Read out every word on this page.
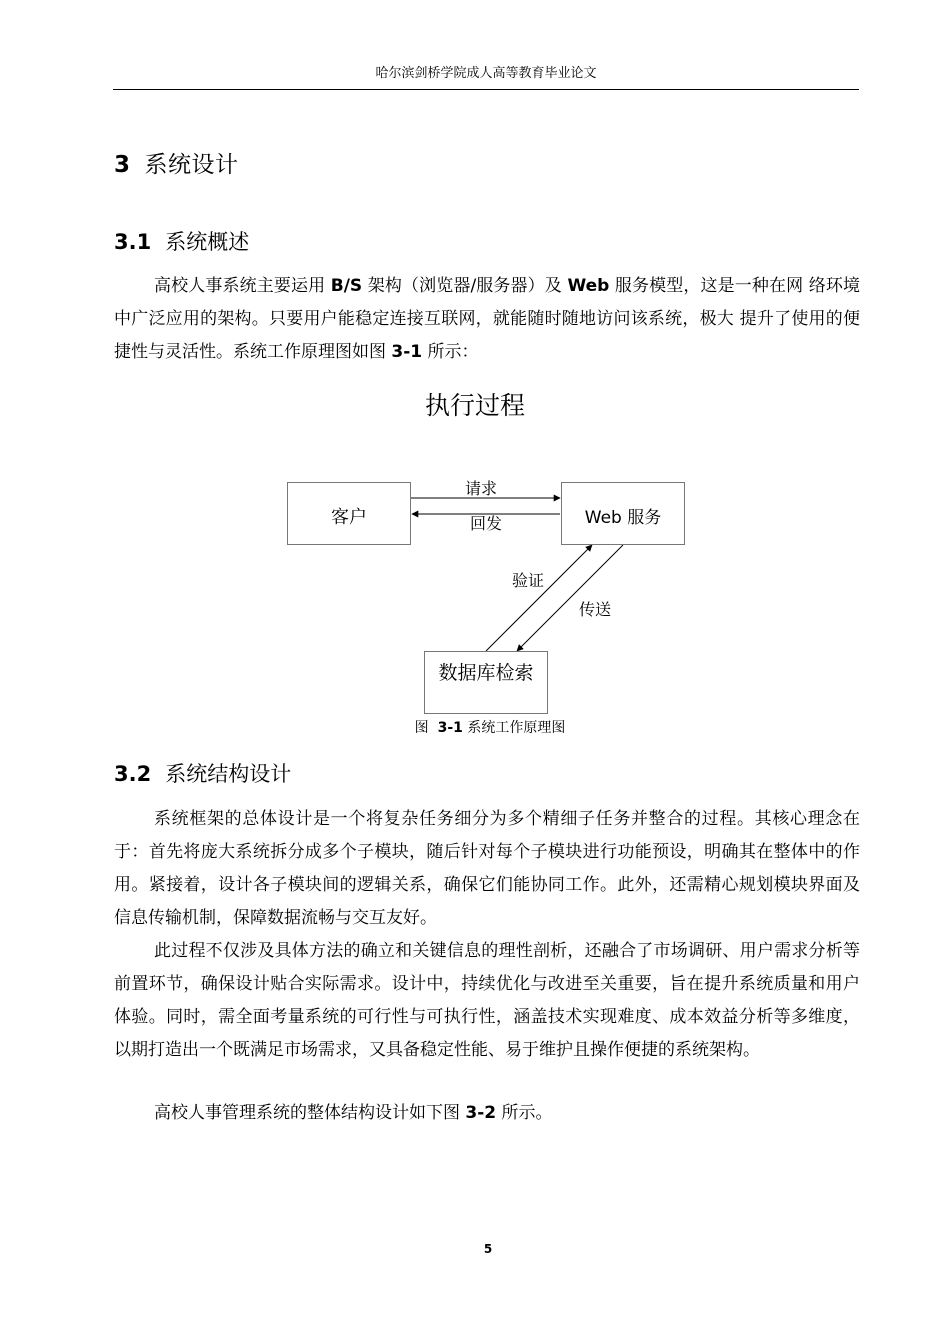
哈尔滨剑桥学院成人高等教育毕业论文
3 系统设计
3.1 系统概述
高校人事系统主要运用 B/S 架构（浏览器/服务器）及 Web 服务模型，这是一种在网 络环境中广泛应用的架构。只要用户能稳定连接互联网，就能随时随地访问该系统，极大 提升了使用的便捷性与灵活性。系统工作原理图如图 3-1 所示：
执行过程
客户	Web 服务
数据库检索
请求
回发
验证
传送
图 3-1 系统工作原理图
3.2 系统结构设计
系统框架的总体设计是一个将复杂任务细分为多个精细子任务并整合的过程。其核心理念在于：首先将庞大系统拆分成多个子模块，随后针对每个子模块进行功能预设，明确其在整体中的作用。紧接着，设计各子模块间的逻辑关系，确保它们能协同工作。此外，还需精心规划模块界面及信息传输机制，保障数据流畅与交互友好。
此过程不仅涉及具体方法的确立和关键信息的理性剖析，还融合了市场调研、用户需求分析等前置环节，确保设计贴合实际需求。设计中，持续优化与改进至关重要，旨在提升系统质量和用户体验。同时，需全面考量系统的可行性与可执行性，涵盖技术实现难度、成本效益分析等多维度，以期打造出一个既满足市场需求，又具备稳定性能、易于维护且操作便捷的系统架构。
高校人事管理系统的整体结构设计如下图 3-2 所示。
5
